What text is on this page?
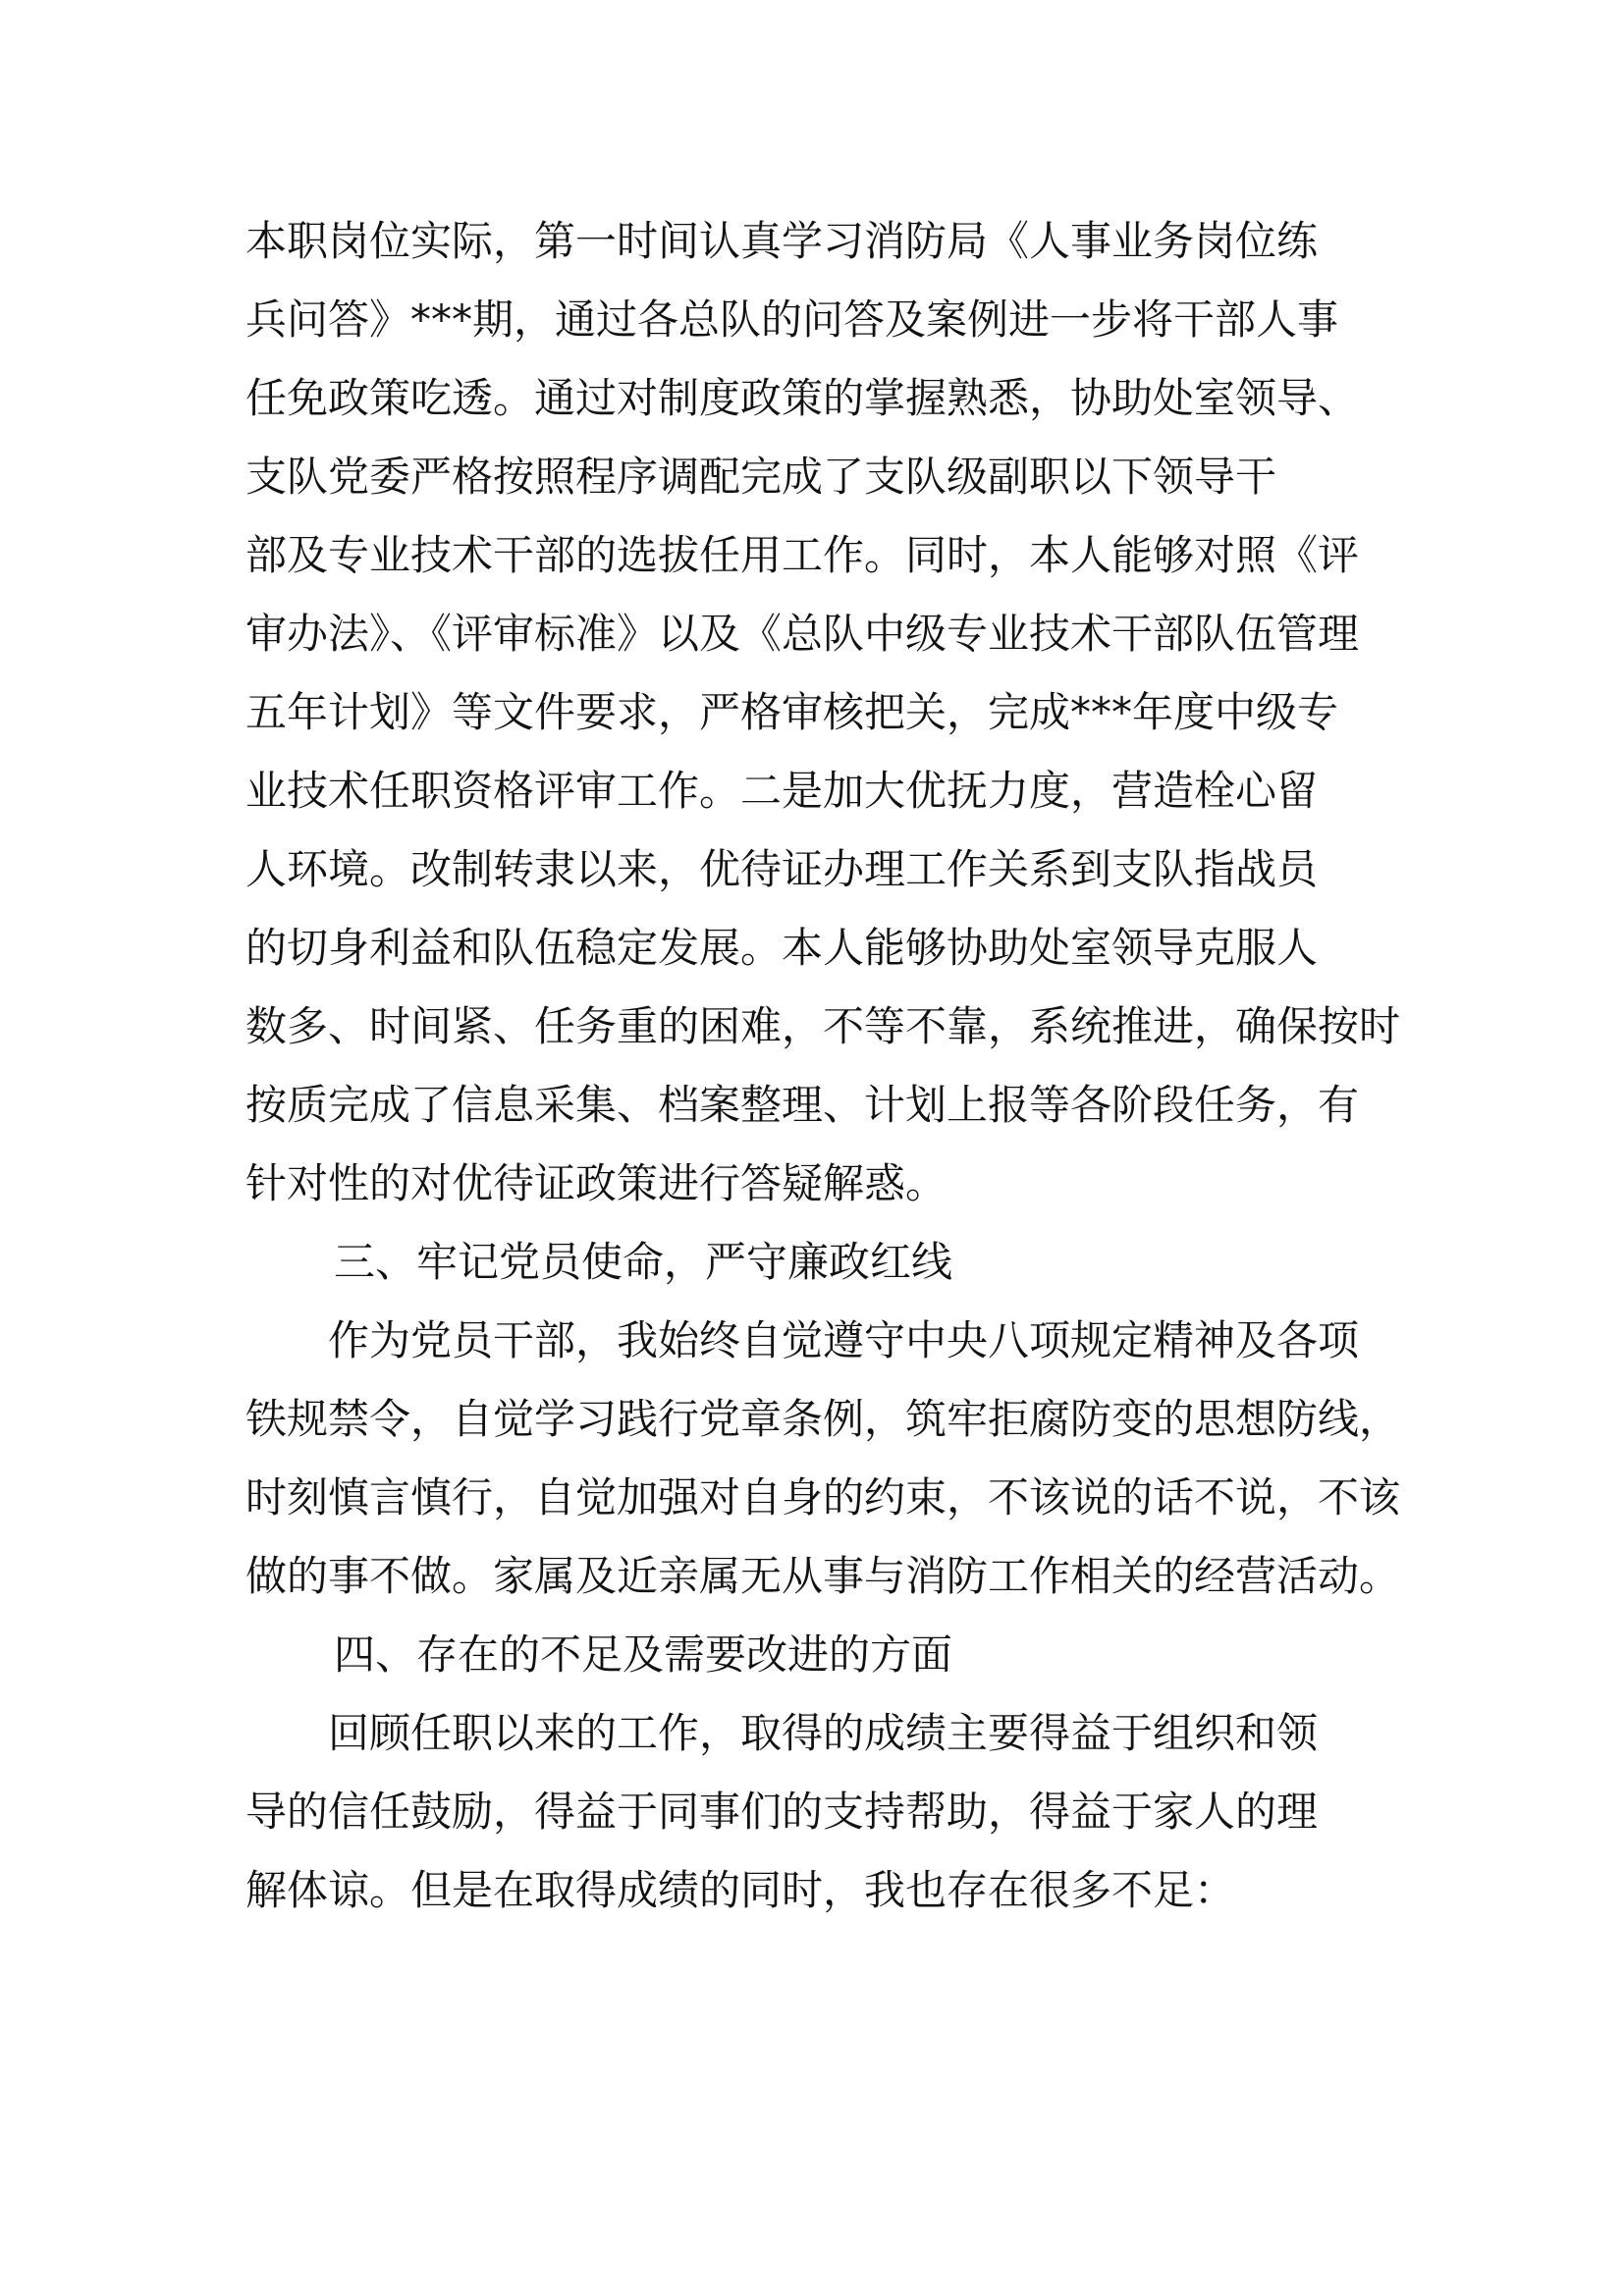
本职岗位实际，第一时间认真学习消防局《人事业务岗位练
兵问答》***期，通过各总队的问答及案例进一步将干部人事
任免政策吃透。通过对制度政策的掌握熟悉，协助处室领导、
支队党委严格按照程序调配完成了支队级副职以下领导干
部及专业技术干部的选拔任用工作。同时，本人能够对照《评
审办法》、《评审标准》以及《总队中级专业技术干部队伍管理
五年计划》等文件要求，严格审核把关，完成***年度中级专
业技术任职资格评审工作。二是加大优抚力度，营造栓心留
人环境。改制转隶以来，优待证办理工作关系到支队指战员
的切身利益和队伍稳定发展。本人能够协助处室领导克服人
数多、时间紧、任务重的困难，不等不靠，系统推进，确保按时
按质完成了信息采集、档案整理、计划上报等各阶段任务，有
针对性的对优待证政策进行答疑解惑。
三、牢记党员使命，严守廉政红线
作为党员干部，我始终自觉遵守中央八项规定精神及各项
铁规禁令，自觉学习践行党章条例，筑牢拒腐防变的思想防线，
时刻慎言慎行，自觉加强对自身的约束，不该说的话不说，不该
做的事不做。家属及近亲属无从事与消防工作相关的经营活动。
四、存在的不足及需要改进的方面
回顾任职以来的工作，取得的成绩主要得益于组织和领
导的信任鼓励，得益于同事们的支持帮助，得益于家人的理
解体谅。但是在取得成绩的同时，我也存在很多不足：
